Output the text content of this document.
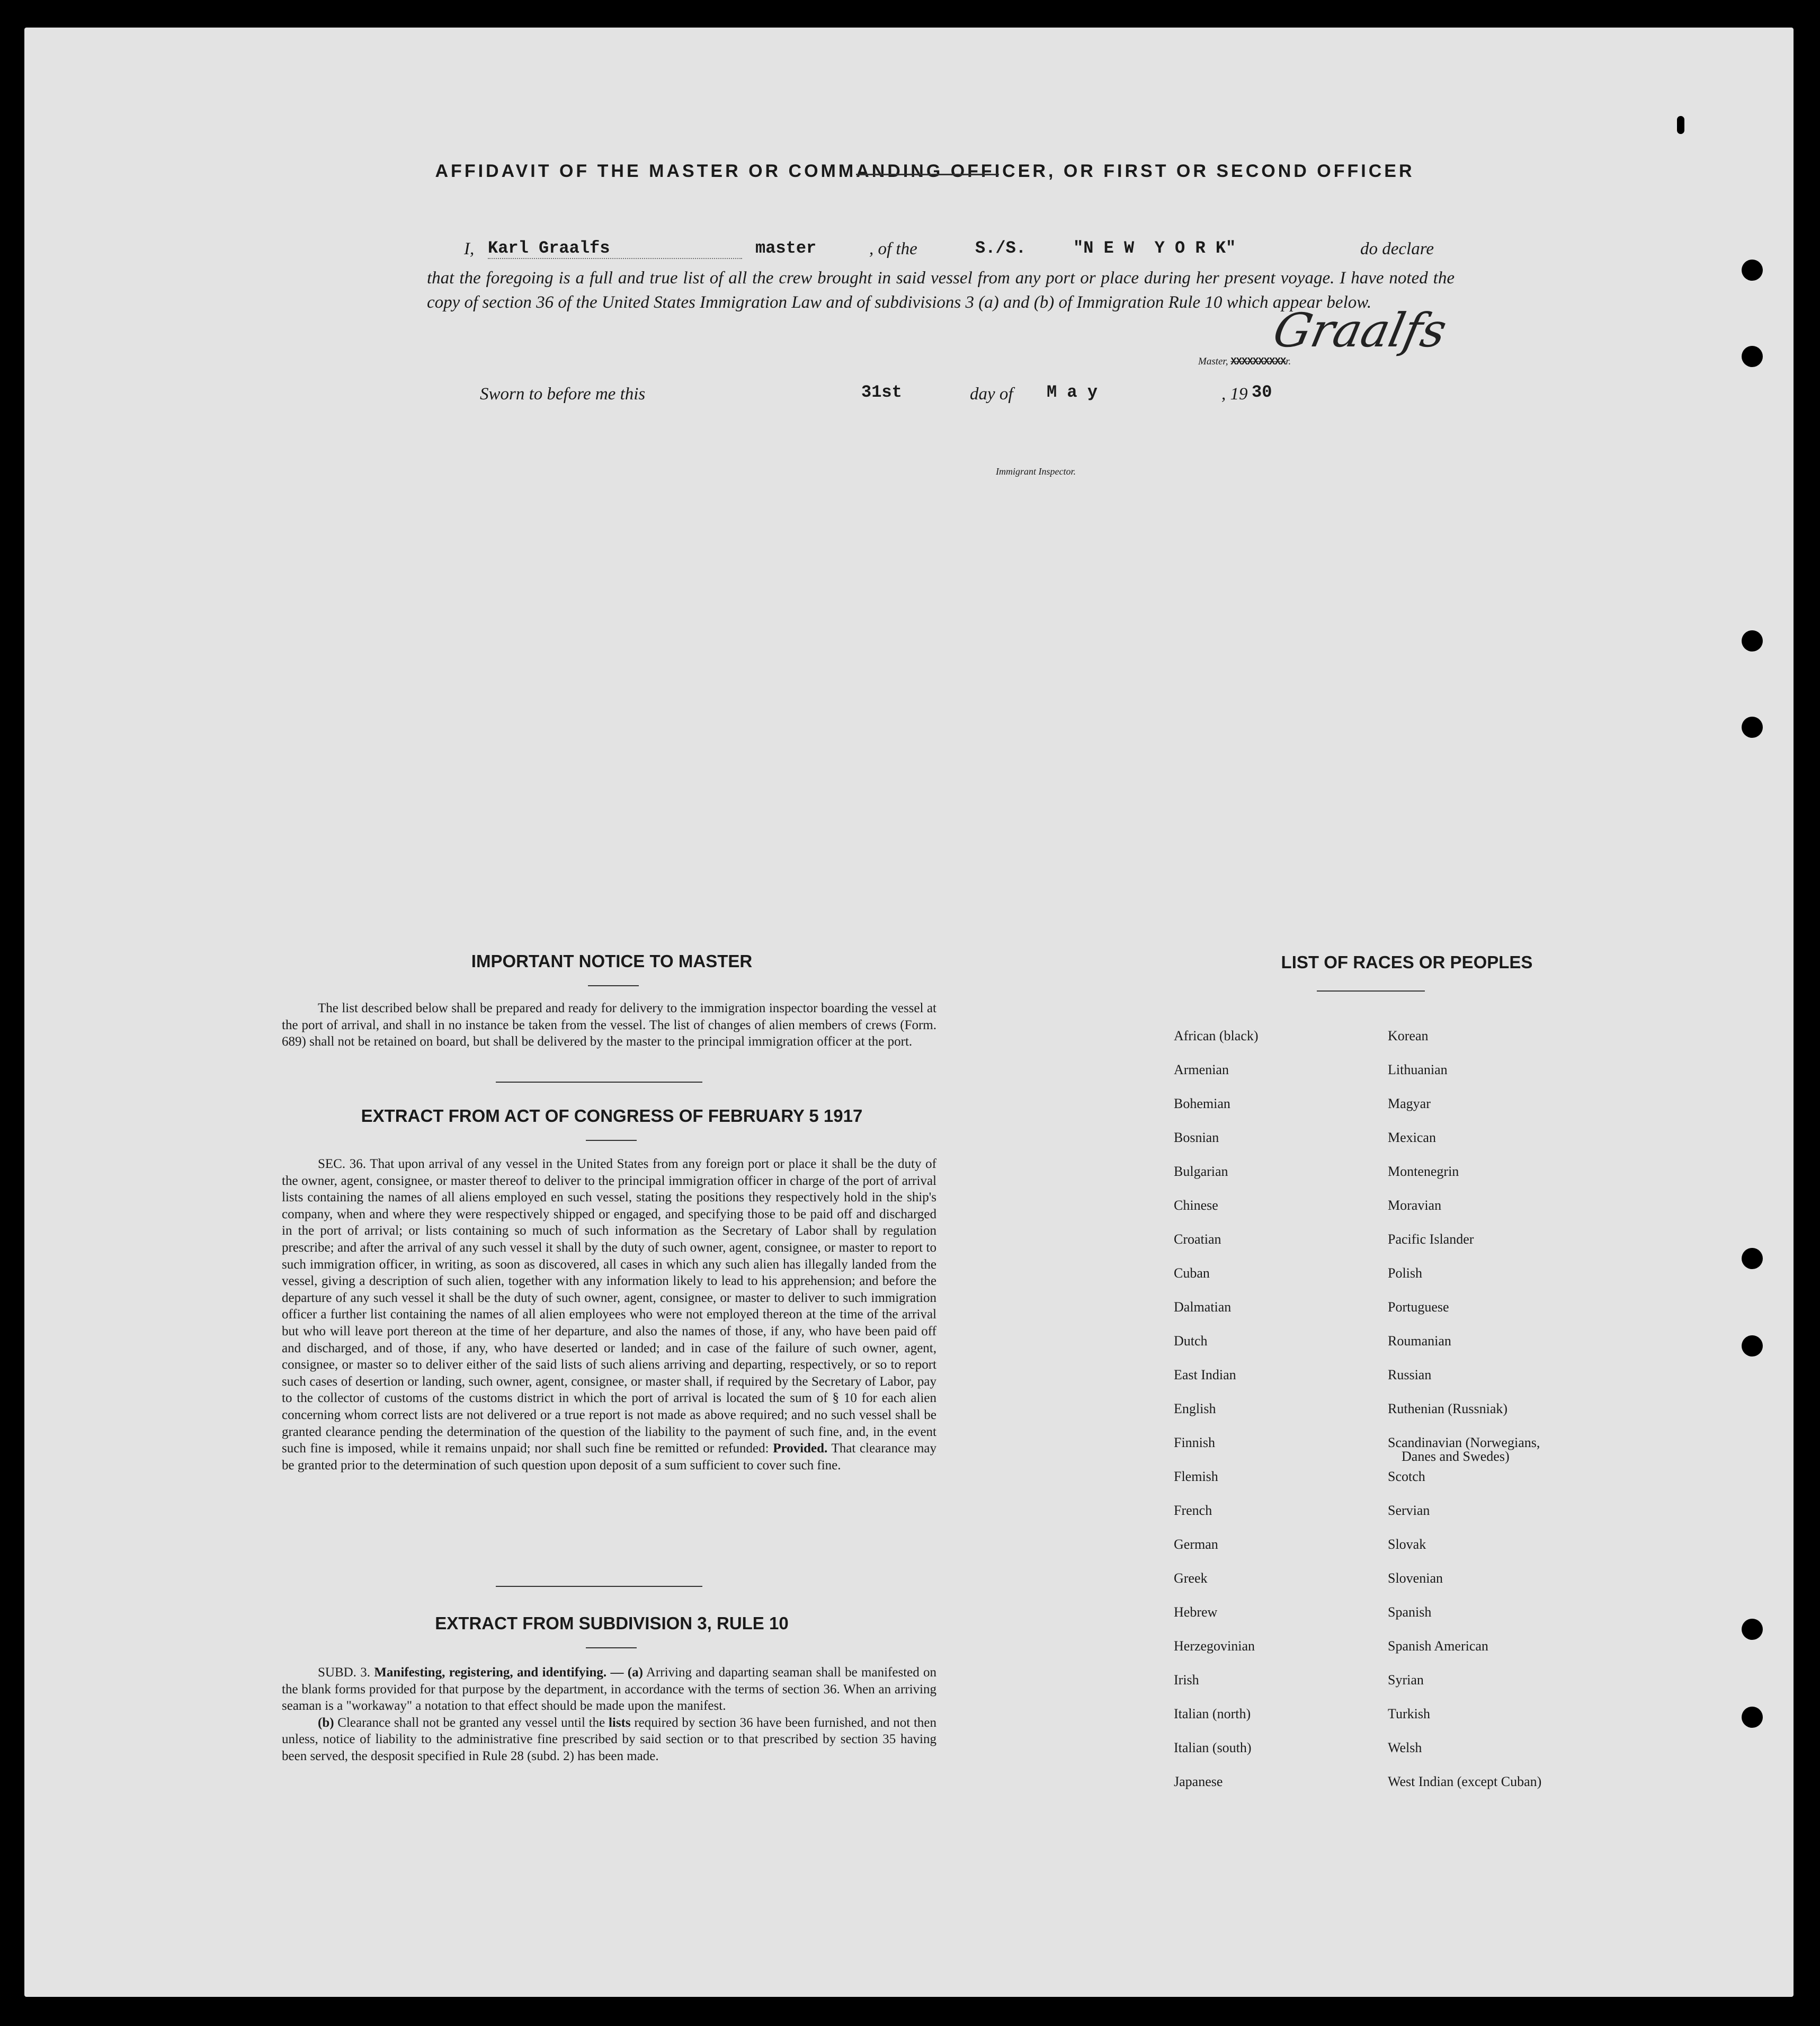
AFFIDAVIT OF THE MASTER OR COMMANDING OFFICER, OR FIRST OR SECOND OFFICER
I, Karl Graalfs	master	, of the	S./S.	"N E W  Y O R K"	do declare
that the foregoing is a full and true list of all the crew brought in said vessel from any port or place during her present voyage. I have noted the copy of section 36 of the United States Immigration Law and of subdivisions 3 (a) and (b) of Immigration Rule 10 which appear below.
Graalfs
Master, XXXXXXXXXXr.
Sworn to before me this	31st	day of M a y	, 19 30
Immigrant Inspector.
IMPORTANT NOTICE TO MASTER

The list described below shall be prepared and ready for delivery to the immigration inspector boarding the vessel at the port of arrival, and shall in no instance be taken from the vessel. The list of changes of alien members of crews (Form. 689) shall not be retained on board, but shall be delivered by the master to the principal immigration officer at the port.

EXTRACT FROM ACT OF CONGRESS OF FEBRUARY 5 1917

SEC. 36. That upon arrival of any vessel in the United States from any foreign port or place it shall be the duty of the owner, agent, consignee, or master thereof to deliver to the principal immigration officer in charge of the port of arrival lists containing the names of all aliens employed en such vessel, stating the positions they respectively hold in the ship's company, when and where they were respectively shipped or engaged, and specifying those to be paid off and discharged in the port of arrival; or lists containing so much of such information as the Secretary of Labor shall by regulation prescribe; and after the arrival of any such vessel it shall by the duty of such owner, agent, consignee, or master to report to such immigration officer, in writing, as soon as discovered, all cases in which any such alien has illegally landed from the vessel, giving a description of such alien, together with any information likely to lead to his apprehension; and before the departure of any such vessel it shall be the duty of such owner, agent, consignee, or master to deliver to such immigration officer a further list containing the names of all alien employees who were not employed thereon at the time of the arrival but who will leave port thereon at the time of her departure, and also the names of those, if any, who have been paid off and discharged, and of those, if any, who have deserted or landed; and in case of the failure of such owner, agent, consignee, or master so to deliver either of the said lists of such aliens arriving and departing, respectively, or so to report such cases of desertion or landing, such owner, agent, consignee, or master shall, if required by the Secretary of Labor, pay to the collector of customs of the customs district in which the port of arrival is located the sum of § 10 for each alien concerning whom correct lists are not delivered or a true report is not made as above required; and no such vessel shall be granted clearance pending the determination of the question of the liability to the payment of such fine, and, in the event such fine is imposed, while it remains unpaid; nor shall such fine be remitted or refunded: Provided. That clearance may be granted prior to the determination of such question upon deposit of a sum sufficient to cover such fine.

EXTRACT FROM SUBDIVISION 3, RULE 10

SUBD. 3. Manifesting, registering, and identifying. — (a) Arriving and daparting seaman shall be manifested on the blank forms provided for that purpose by the department, in accordance with the terms of section 36. When an arriving seaman is a "workaway" a notation to that effect should be made upon the manifest.

(b) Clearance shall not be granted any vessel until the lists required by section 36 have been furnished, and not then unless, notice of liability to the administrative fine prescribed by said section or to that prescribed by section 35 having been served, the desposit specified in Rule 28 (subd. 2) has been made.

LIST OF RACES OR PEOPLES
African (black)
Armenian
Bohemian
Bosnian
Bulgarian
Chinese
Croatian
Cuban
Dalmatian
Dutch
East Indian
English
Finnish
Flemish
French
German
Greek
Hebrew
Herzegovinian
Irish
Italian (north)
Italian (south)
Japanese
Korean
Lithuanian
Magyar
Mexican
Montenegrin
Moravian
Pacific Islander
Polish
Portuguese
Roumanian
Russian
Ruthenian (Russniak)
Scandinavian (Norwegians,
Danes and Swedes)
Scotch
Servian
Slovak
Slovenian
Spanish
Spanish American
Syrian
Turkish
Welsh
West Indian (except Cuban)
